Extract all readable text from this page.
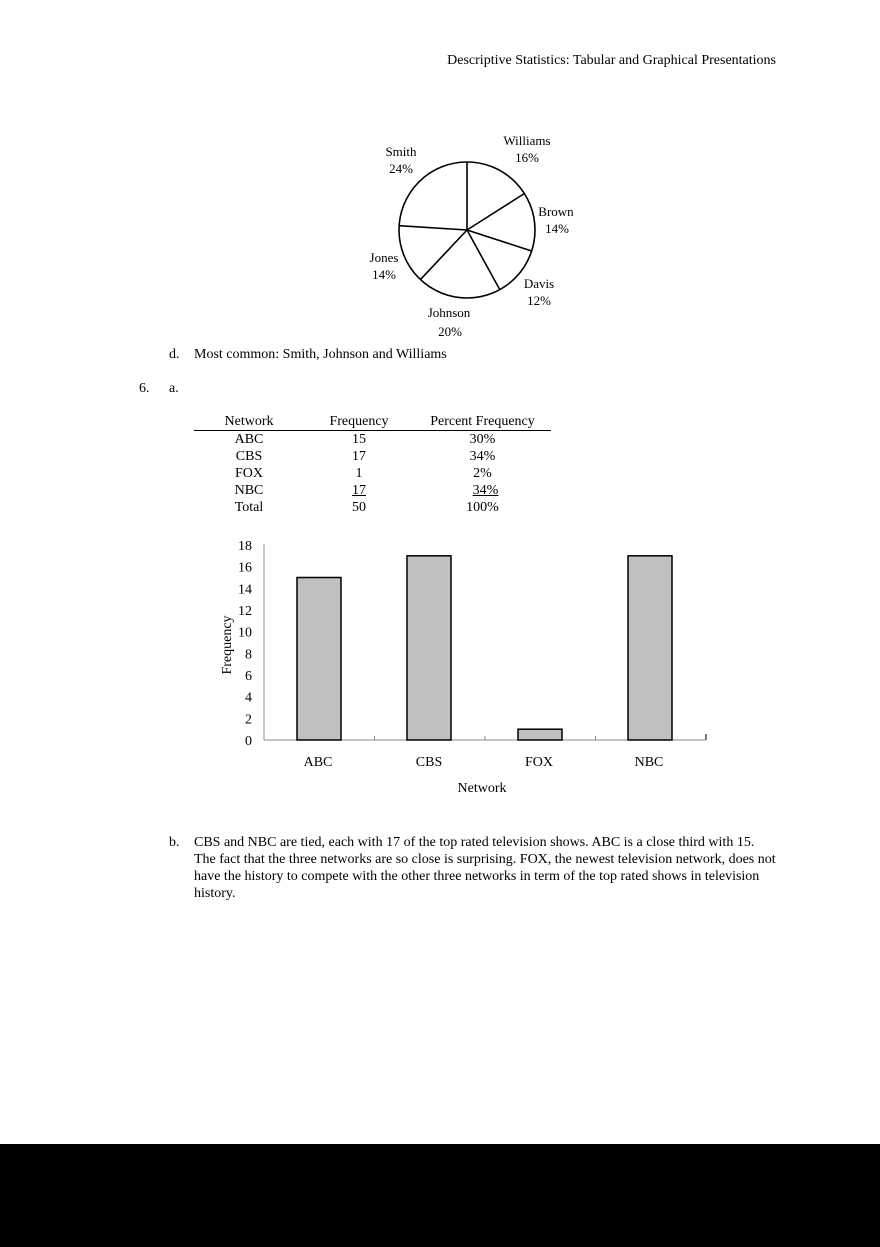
Descriptive Statistics: Tabular and Graphical Presentations
Williams
16%
Brown
14%
Davis
12%
Johnson
20%
Jones
14%
Smith
24%
d. Most common: Smith, Johnson and Williams
6. a.
Network	Frequency	Percent Frequency
ABC	15	30%
CBS	17	34%
FOX	1	2%
NBC	17	34%
Total	50	100%
0
2
4
6
8
10
12
14
16
18
ABC	CBS	FOX	NBC
Network
Frequency
b. CBS and NBC are tied, each with 17 of the top rated television shows. ABC is a close third with 15. The fact that the three networks are so close is surprising. FOX, the newest television network, does not have the history to compete with the other three networks in term of the top rated shows in television history.
